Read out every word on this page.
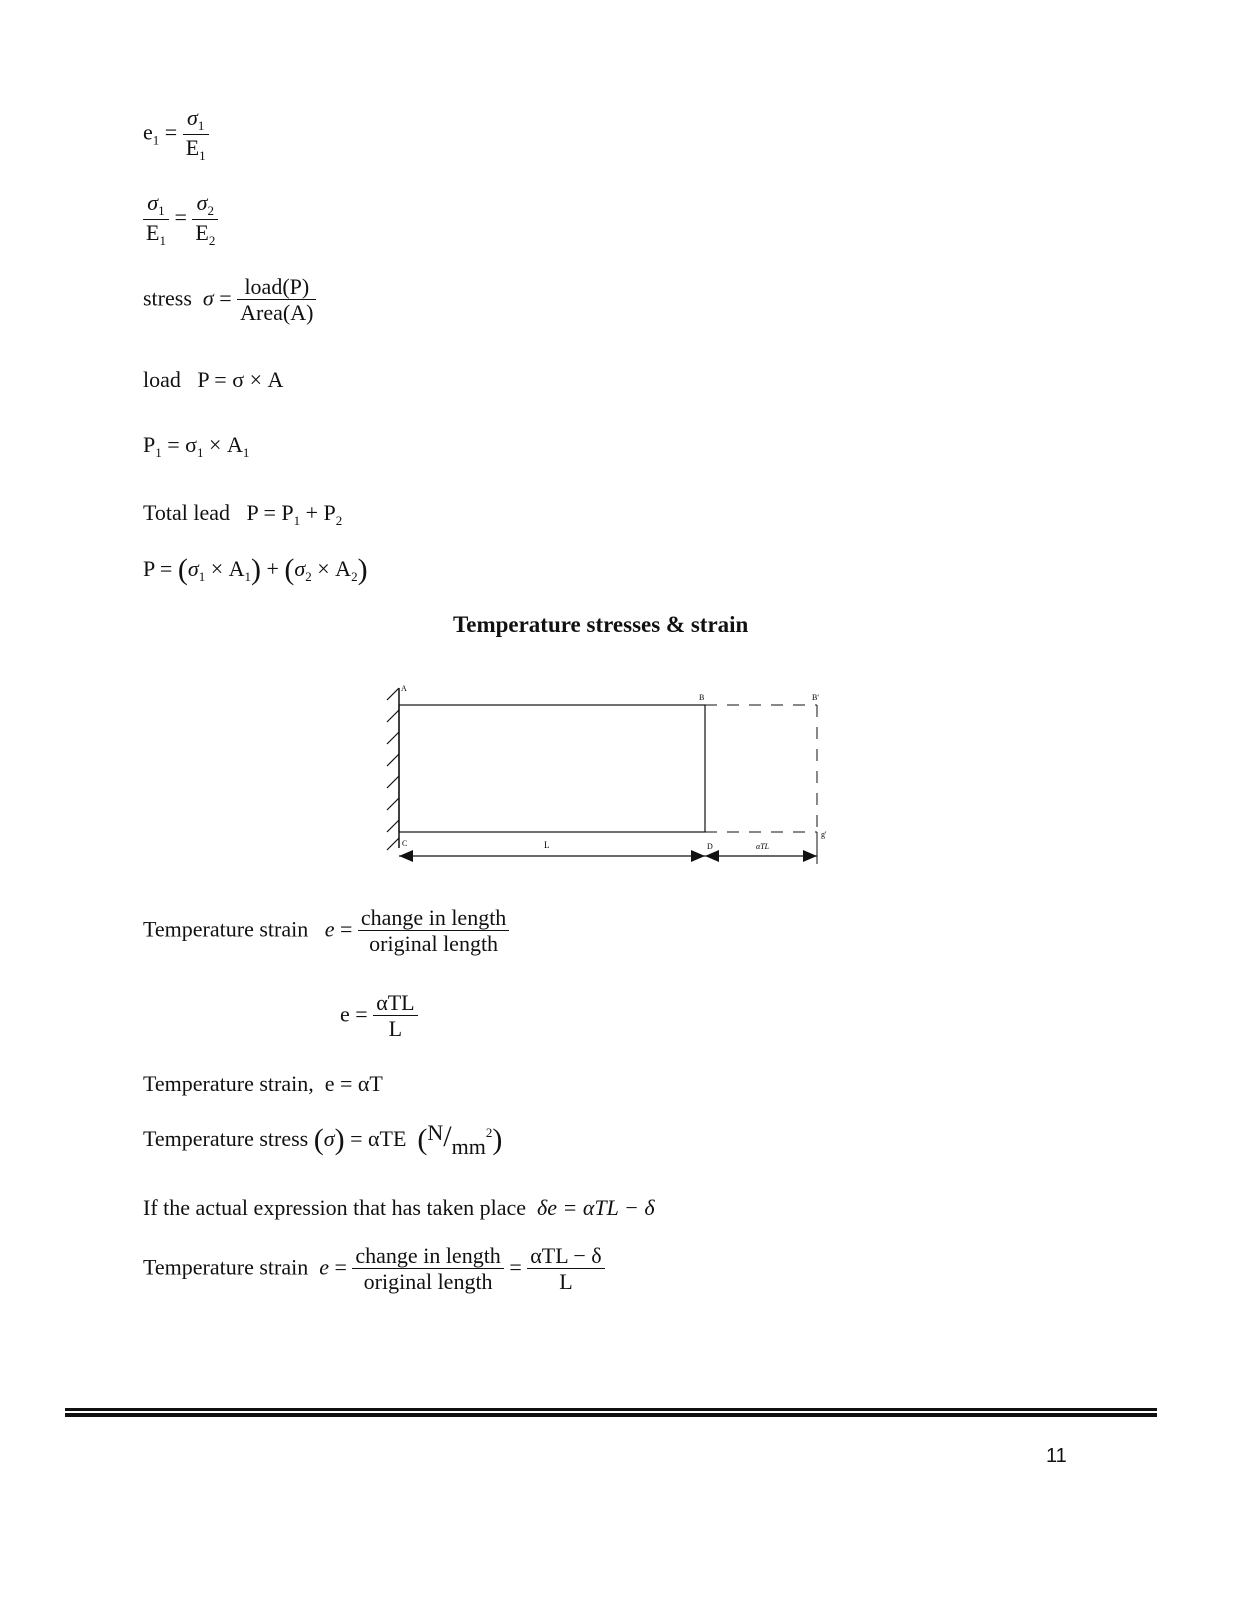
$e_1 = \frac{\sigma_1}{E_1}$
$\frac{\sigma_1}{E_1} = \frac{\sigma_2}{E_2}$
stress $\sigma = \frac{\text{load(P)}}{\text{Area(A)}}$
load P = σ × A
$P_1 = \sigma_1 \times A_1$
Total lead $P = P_1 + P_2$
$P = (\sigma_1 \times A_1) + (\sigma_2 \times A_2)$
Temperature stresses & strain
A
B	B'
C	D
g'
L	αTL
Temperature strain $e = \frac{\text{change in length}}{\text{original length}}$
$e = \frac{\text{αTL}}{L}$
Temperature strain, e = αT
Temperature stress (σ) = αTE $(N/mm^2)$
If the actual expression that has taken place δe = αTL − δ
Temperature strain $e = \frac{\text{change in length}}{\text{original length}} = \frac{\text{αTL − δ}}{L}$
11
